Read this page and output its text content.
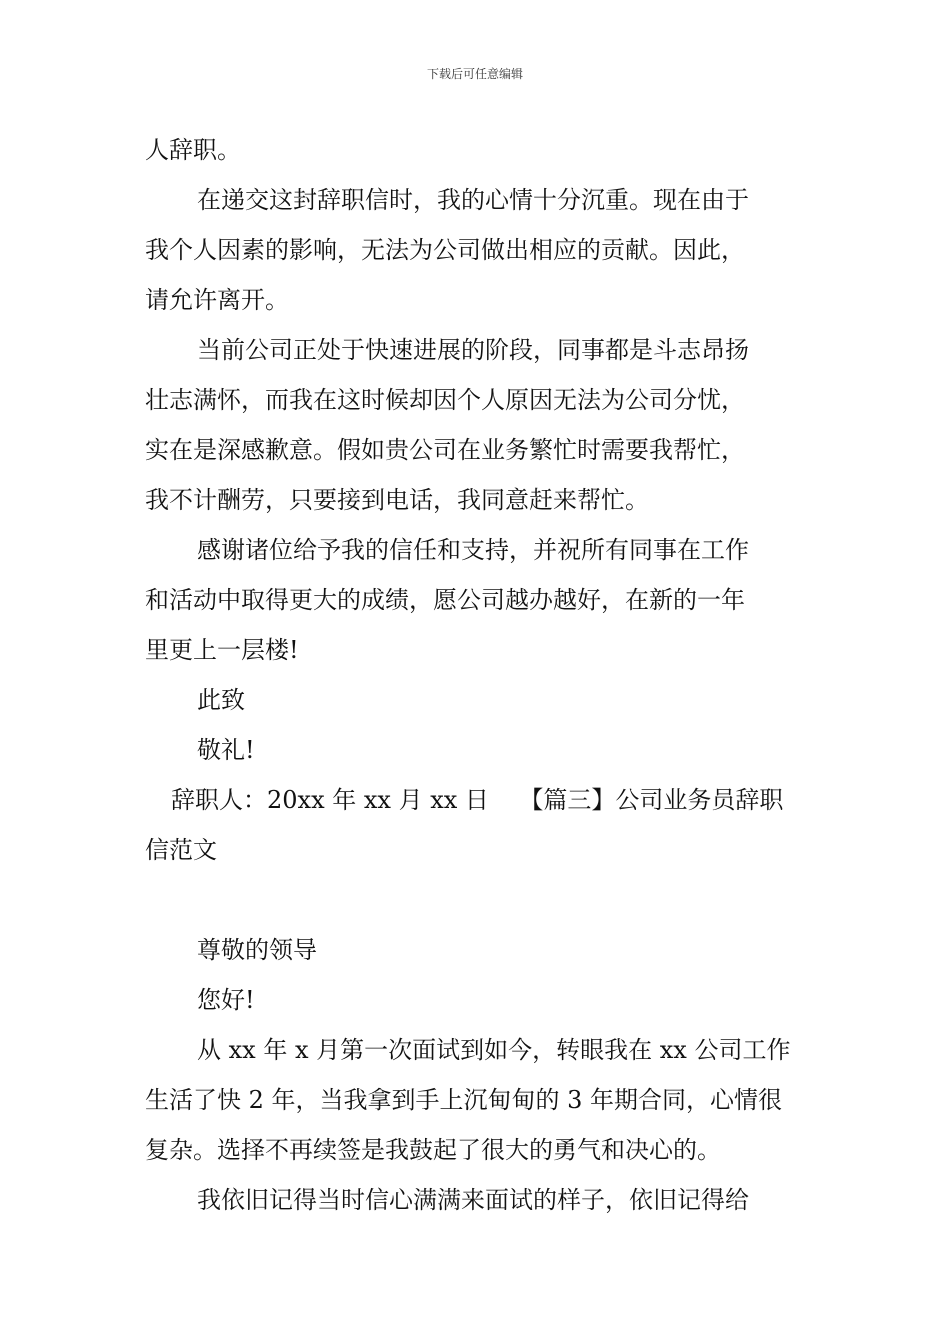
下载后可任意编辑
人辞职。
在递交这封辞职信时，我的心情十分沉重。现在由于
我个人因素的影响，无法为公司做出相应的贡献。因此，
请允许离开。
当前公司正处于快速进展的阶段，同事都是斗志昂扬
壮志满怀，而我在这时候却因个人原因无法为公司分忧，
实在是深感歉意。假如贵公司在业务繁忙时需要我帮忙，
我不计酬劳，只要接到电话，我同意赶来帮忙。
感谢诸位给予我的信任和支持，并祝所有同事在工作
和活动中取得更大的成绩，愿公司越办越好，在新的一年
里更上一层楼!
此致
敬礼!
辞职人：20xx 年 xx 月 xx 日    【篇三】公司业务员辞职
信范文
尊敬的领导
您好!
从 xx 年 x 月第一次面试到如今，转眼我在 xx 公司工作
生活了快 2 年，当我拿到手上沉甸甸的 3 年期合同，心情很
复杂。选择不再续签是我鼓起了很大的勇气和决心的。
我依旧记得当时信心满满来面试的样子，依旧记得给
